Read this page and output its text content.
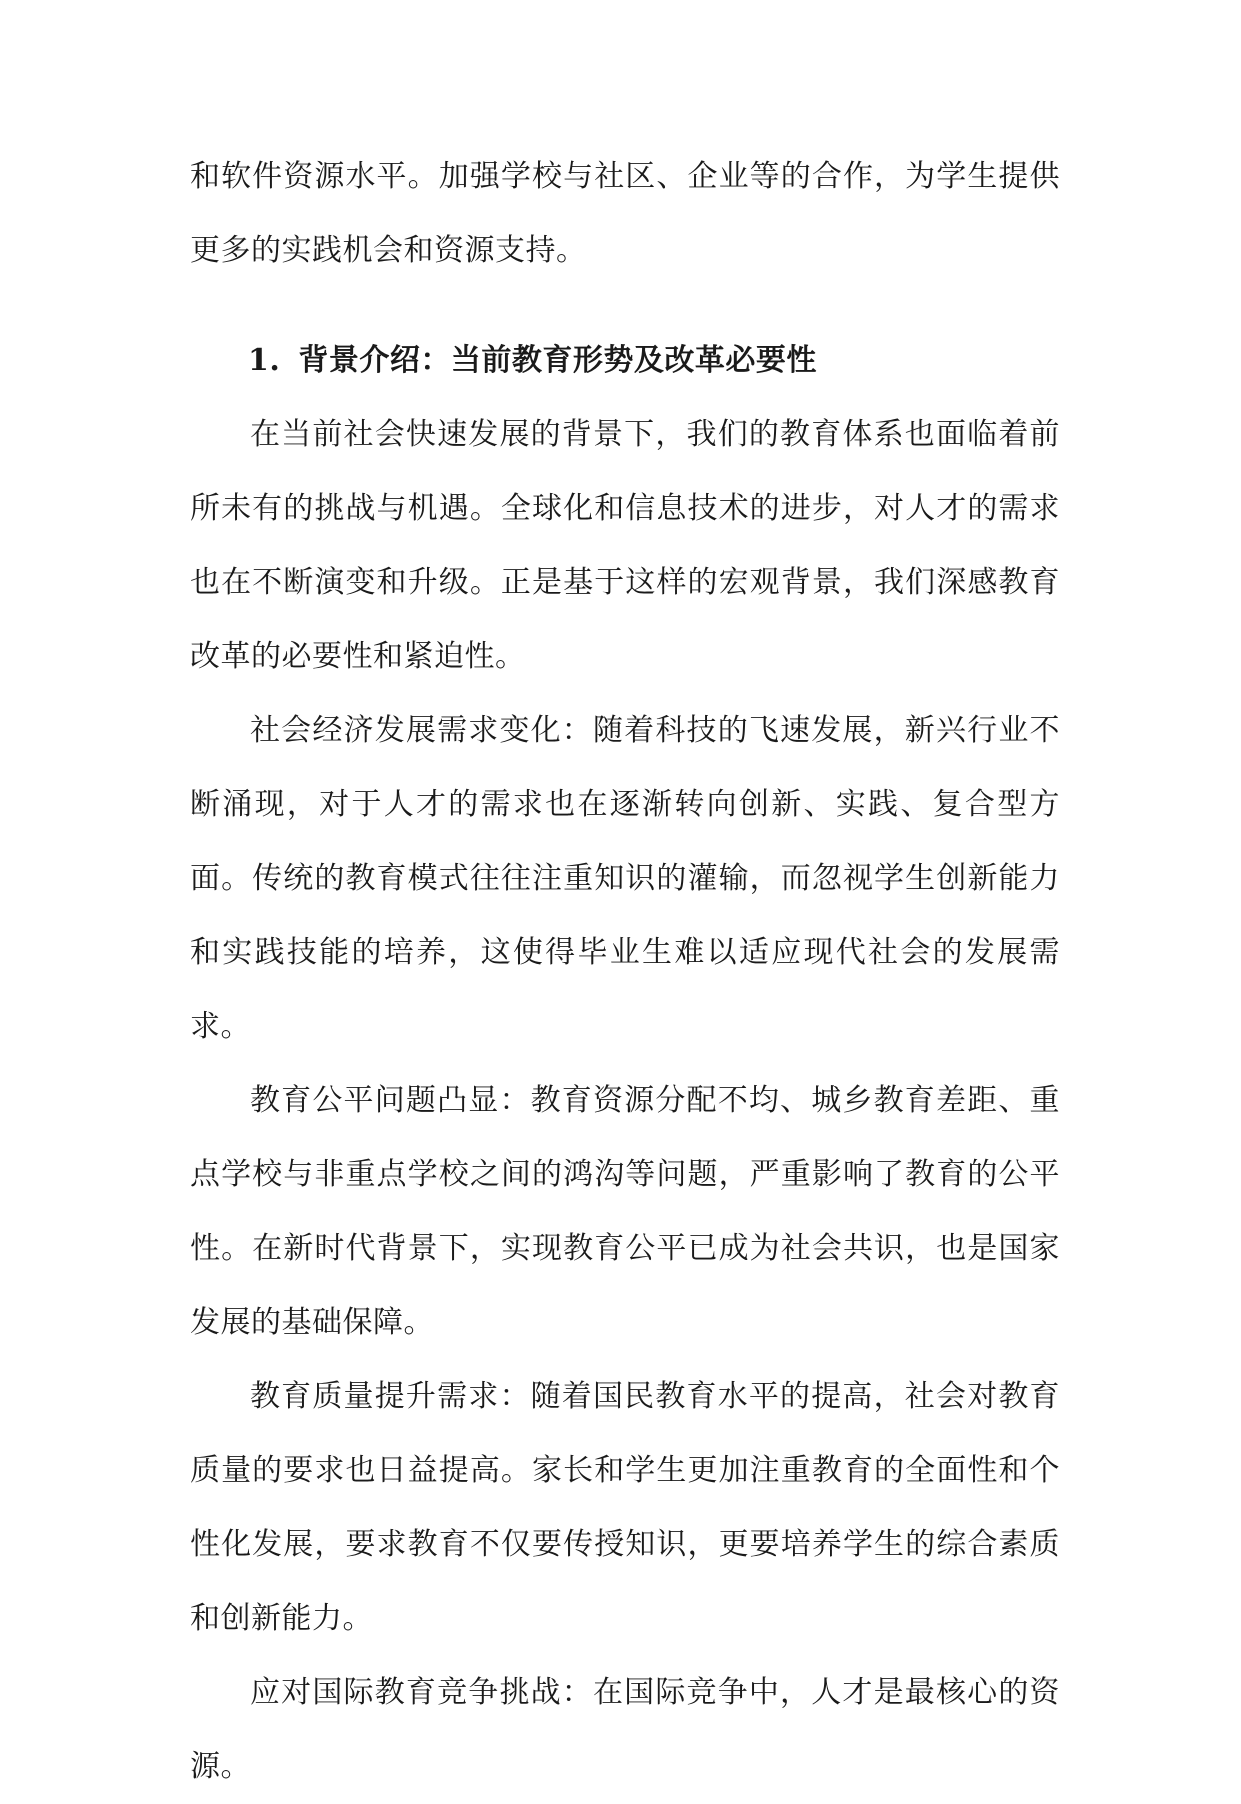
和软件资源水平。加强学校与社区、企业等的合作，为学生提供更多的实践机会和资源支持。

1. 背景介绍：当前教育形势及改革必要性

在当前社会快速发展的背景下，我们的教育体系也面临着前所未有的挑战与机遇。全球化和信息技术的进步，对人才的需求也在不断演变和升级。正是基于这样的宏观背景，我们深感教育改革的必要性和紧迫性。

社会经济发展需求变化：随着科技的飞速发展，新兴行业不断涌现，对于人才的需求也在逐渐转向创新、实践、复合型方面。传统的教育模式往往注重知识的灌输，而忽视学生创新能力和实践技能的培养，这使得毕业生难以适应现代社会的发展需求。

教育公平问题凸显：教育资源分配不均、城乡教育差距、重点学校与非重点学校之间的鸿沟等问题，严重影响了教育的公平性。在新时代背景下，实现教育公平已成为社会共识，也是国家发展的基础保障。

教育质量提升需求：随着国民教育水平的提高，社会对教育质量的要求也日益提高。家长和学生更加注重教育的全面性和个性化发展，要求教育不仅要传授知识，更要培养学生的综合素质和创新能力。

应对国际教育竞争挑战：在国际竞争中，人才是最核心的资源。
